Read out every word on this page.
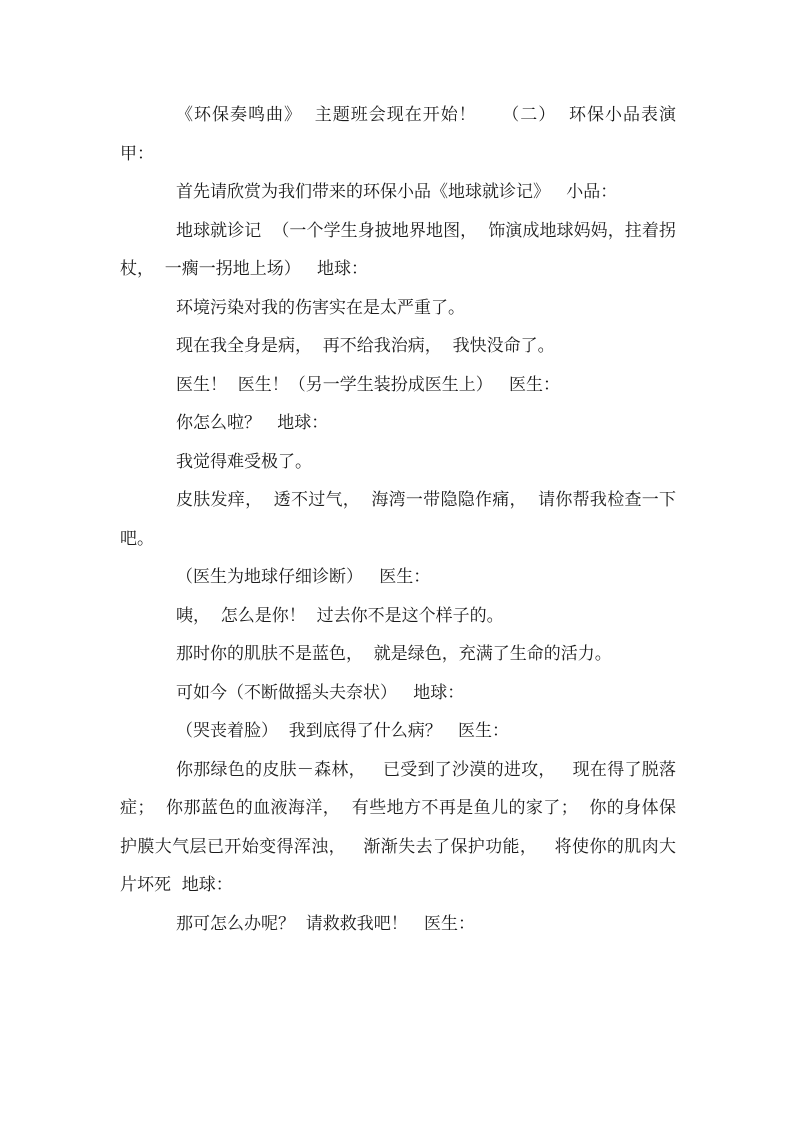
《环保奏鸣曲》  主题班会现在开始！    （二）  环保小品表演  甲：

首先请欣赏为我们带来的环保小品《地球就诊记》   小品：

地球就诊记  （一个学生身披地界地图，  饰演成地球妈妈，拄着拐杖，  一瘸一拐地上场）   地球：

环境污染对我的伤害实在是太严重了。

现在我全身是病，  再不给我治病，  我快没命了。

医生！  医生！（另一学生装扮成医生上）   医生：

你怎么啦？   地球：

我觉得难受极了。

皮肤发痒，  透不过气，  海湾一带隐隐作痛，  请你帮我检查一下吧。

（医生为地球仔细诊断）   医生：

咦，  怎么是你！  过去你不是这个样子的。

那时你的肌肤不是蓝色，  就是绿色，充满了生命的活力。

可如今（不断做摇头夫奈状）   地球：

（哭丧着脸）  我到底得了什么病？   医生：

你那绿色的皮肤－森林，   已受到了沙漠的进攻，   现在得了脱落症；  你那蓝色的血液海洋，  有些地方不再是鱼儿的家了；  你的身体保护膜大气层已开始变得浑浊，   渐渐失去了保护功能，   将使你的肌肉大片坏死  地球：

那可怎么办呢？  请救救我吧！   医生：
